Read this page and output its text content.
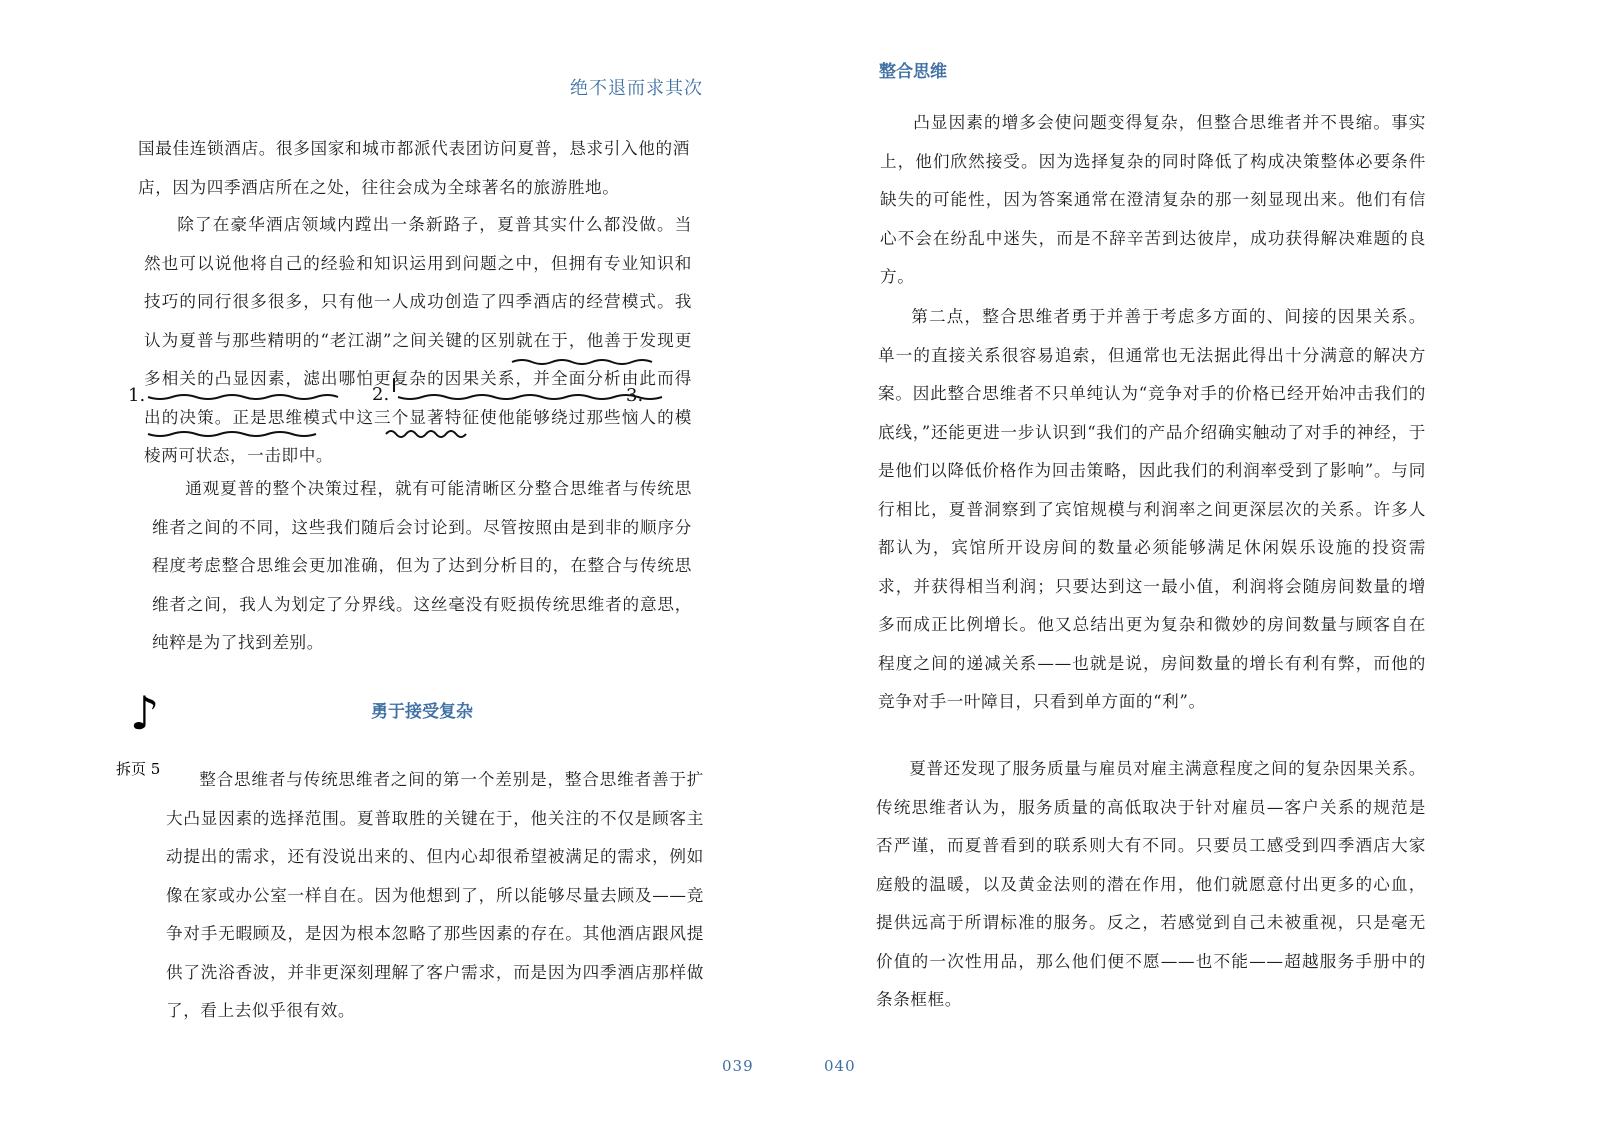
绝不退而求其次

国最佳连锁酒店。很多国家和城市都派代表团访问夏普，恳求引入他的酒店，因为四季酒店所在之处，往往会成为全球著名的旅游胜地。

除了在豪华酒店领域内蹚出一条新路子，夏普其实什么都没做。当然也可以说他将自己的经验和知识运用到问题之中，但拥有专业知识和技巧的同行很多很多，只有他一人成功创造了四季酒店的经营模式。我认为夏普与那些精明的“老江湖”之间关键的区别就在于，他善于发现更多相关的凸显因素，滤出哪怕更复杂的因果关系，并全面分析由此而得出的决策。正是思维模式中这三个显著特征使他能够绕过那些恼人的模棱两可状态，一击即中。

通观夏普的整个决策过程，就有可能清晰区分整合思维者与传统思维者之间的不同，这些我们随后会讨论到。尽管按照由是到非的顺序分程度考虑整合思维会更加准确，但为了达到分析目的，在整合与传统思维者之间，我人为划定了分界线。这丝毫没有贬损传统思维者的意思，纯粹是为了找到差别。

1.	2.	3.
♪
拆页 5
勇于接受复杂

整合思维者与传统思维者之间的第一个差别是，整合思维者善于扩大凸显因素的选择范围。夏普取胜的关键在于，他关注的不仅是顾客主动提出的需求，还有没说出来的、但内心却很希望被满足的需求，例如像在家或办公室一样自在。因为他想到了，所以能够尽量去顾及——竞争对手无暇顾及，是因为根本忽略了那些因素的存在。其他酒店跟风提供了洗浴香波，并非更深刻理解了客户需求，而是因为四季酒店那样做了，看上去似乎很有效。

039
整合思维

凸显因素的增多会使问题变得复杂，但整合思维者并不畏缩。事实上，他们欣然接受。因为选择复杂的同时降低了构成决策整体必要条件缺失的可能性，因为答案通常在澄清复杂的那一刻显现出来。他们有信心不会在纷乱中迷失，而是不辞辛苦到达彼岸，成功获得解决难题的良方。

第二点，整合思维者勇于并善于考虑多方面的、间接的因果关系。单一的直接关系很容易追索，但通常也无法据此得出十分满意的解决方案。因此整合思维者不只单纯认为“竞争对手的价格已经开始冲击我们的底线，”还能更进一步认识到“我们的产品介绍确实触动了对手的神经，于是他们以降低价格作为回击策略，因此我们的利润率受到了影响”。与同行相比，夏普洞察到了宾馆规模与利润率之间更深层次的关系。许多人都认为，宾馆所开设房间的数量必须能够满足休闲娱乐设施的投资需求，并获得相当利润；只要达到这一最小值，利润将会随房间数量的增多而成正比例增长。他又总结出更为复杂和微妙的房间数量与顾客自在程度之间的递减关系——也就是说，房间数量的增长有利有弊，而他的竞争对手一叶障目，只看到单方面的“利”。

夏普还发现了服务质量与雇员对雇主满意程度之间的复杂因果关系。传统思维者认为，服务质量的高低取决于针对雇员—客户关系的规范是否严谨，而夏普看到的联系则大有不同。只要员工感受到四季酒店大家庭般的温暖，以及黄金法则的潜在作用，他们就愿意付出更多的心血，提供远高于所谓标准的服务。反之，若感觉到自己未被重视，只是毫无价值的一次性用品，那么他们便不愿——也不能——超越服务手册中的条条框框。

040
